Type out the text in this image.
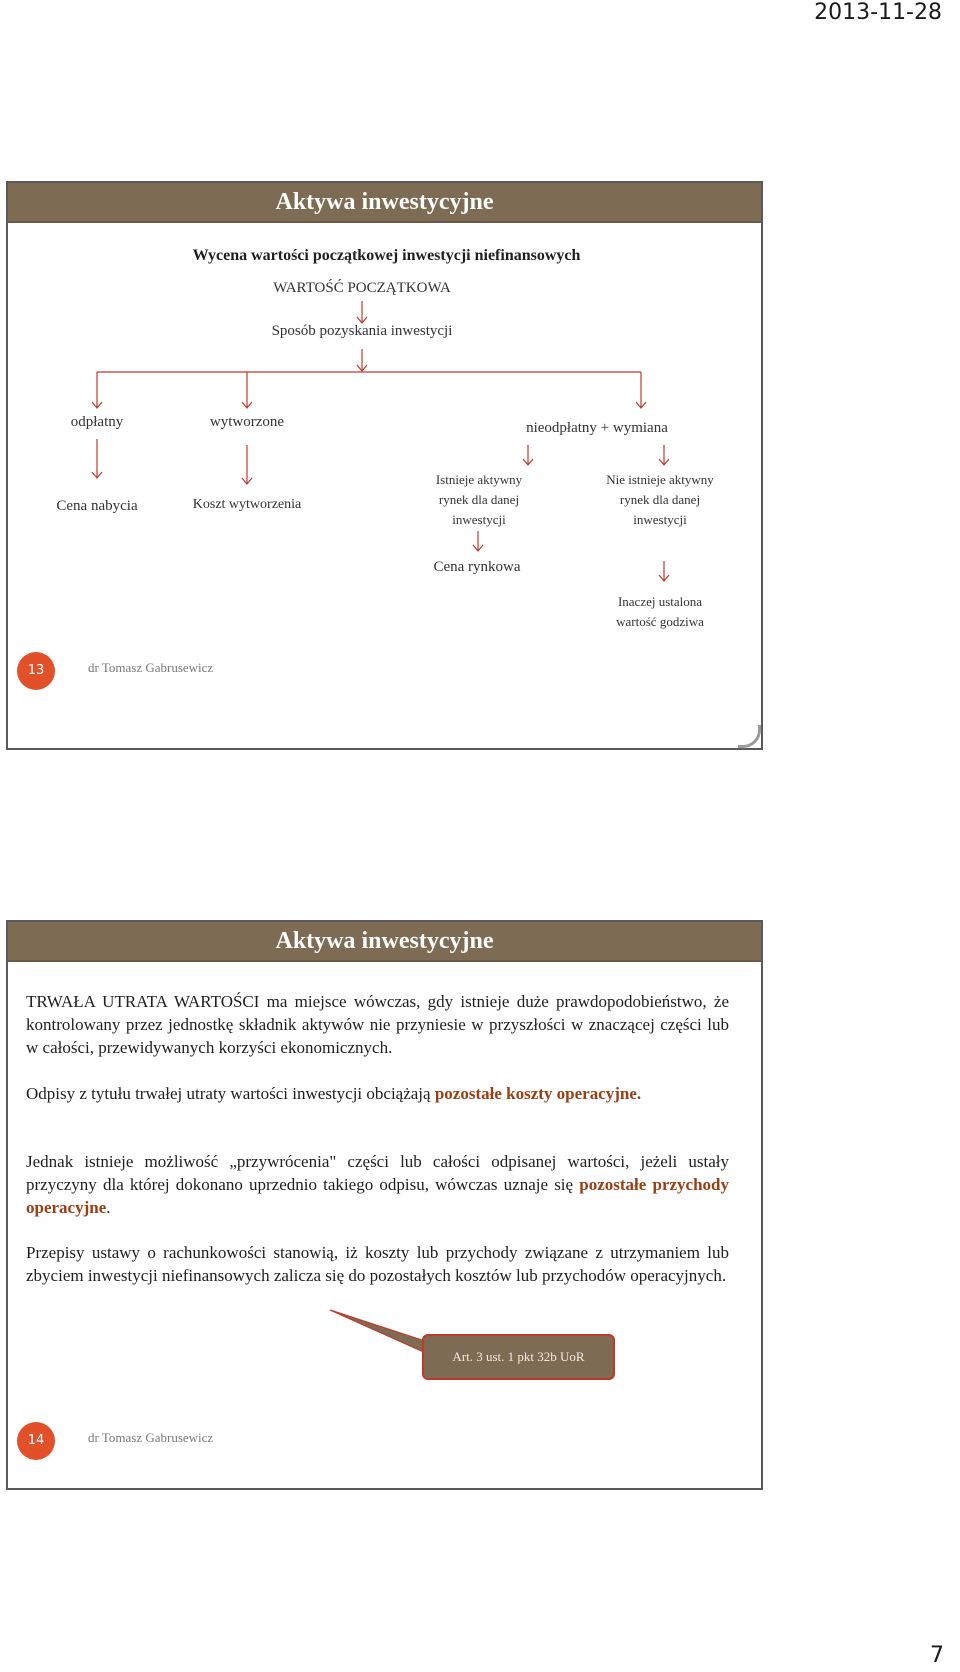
2013-11-28
Aktywa inwestycyjne
Wycena wartości początkowej inwestycji niefinansowych
WARTOŚĆ POCZĄTKOWA
Sposób pozyskania inwestycji
odpłatny	wytworzone	nieodpłatny + wymiana
Cena nabycia	Koszt wytworzenia
Istnieje aktywny rynek dla danej inwestycji
Nie istnieje aktywny rynek dla danej inwestycji
Cena rynkowa
Inaczej ustalona wartość godziwa
13	dr Tomasz Gabrusewicz
Aktywa inwestycyjne
TRWAŁA UTRATA WARTOŚCI ma miejsce wówczas, gdy istnieje duże prawdopodobieństwo, że kontrolowany przez jednostkę składnik aktywów nie przyniesie w przyszłości w znaczącej części lub w całości, przewidywanych korzyści ekonomicznych.
Odpisy z tytułu trwałej utraty wartości inwestycji obciążają pozostałe koszty operacyjne.
Jednak istnieje możliwość „przywrócenia" części lub całości odpisanej wartości, jeżeli ustały przyczyny dla której dokonano uprzednio takiego odpisu, wówczas uznaje się pozostałe przychody operacyjne.
Przepisy ustawy o rachunkowości stanowią, iż koszty lub przychody związane z utrzymaniem lub zbyciem inwestycji niefinansowych zalicza się do pozostałych kosztów lub przychodów operacyjnych.
Art. 3 ust. 1 pkt 32b UoR
14	dr Tomasz Gabrusewicz
7
